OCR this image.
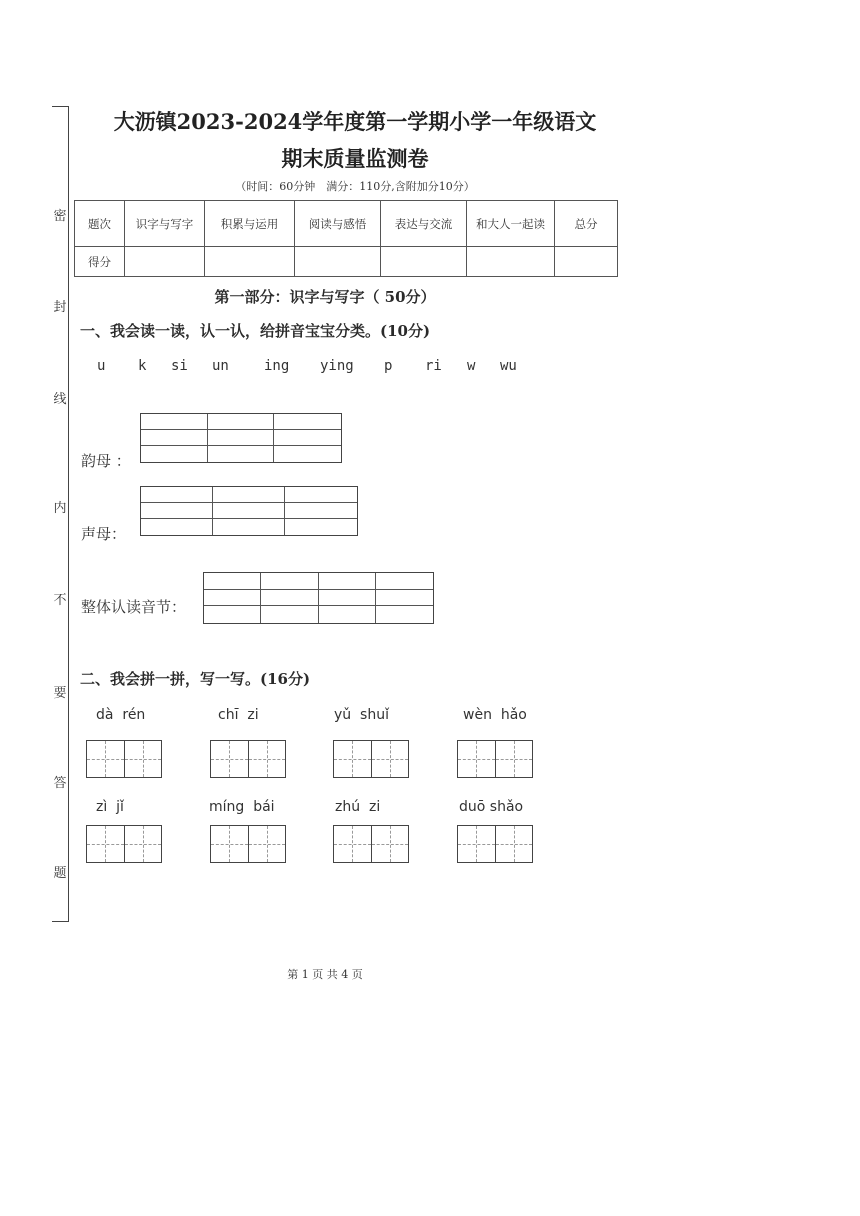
密
封
线
内
不
要
答
题
大沥镇2023-2024学年度第一学期小学一年级语文
期末质量监测卷
（时间：60分钟　满分：110分,含附加分10分）
题次	识字与写字	积累与运用	阅读与感悟	表达与交流	和大人一起读	总分
得分						
第一部分：识字与写字（ 50分）
一、我会读一读，认一认，给拼音宝宝分类。(10分)
u k si un	ing ying p ri w wu
韵母 ：
声母：
整体认读音节：
二、我会拼一拼，写一写。(16分)
dà  rén	chī  zi	yǔ  shuǐ	wèn  hǎo
zì  jǐ	míng  bái	zhú  zi	duō shǎo
第 1 页 共 4 页
